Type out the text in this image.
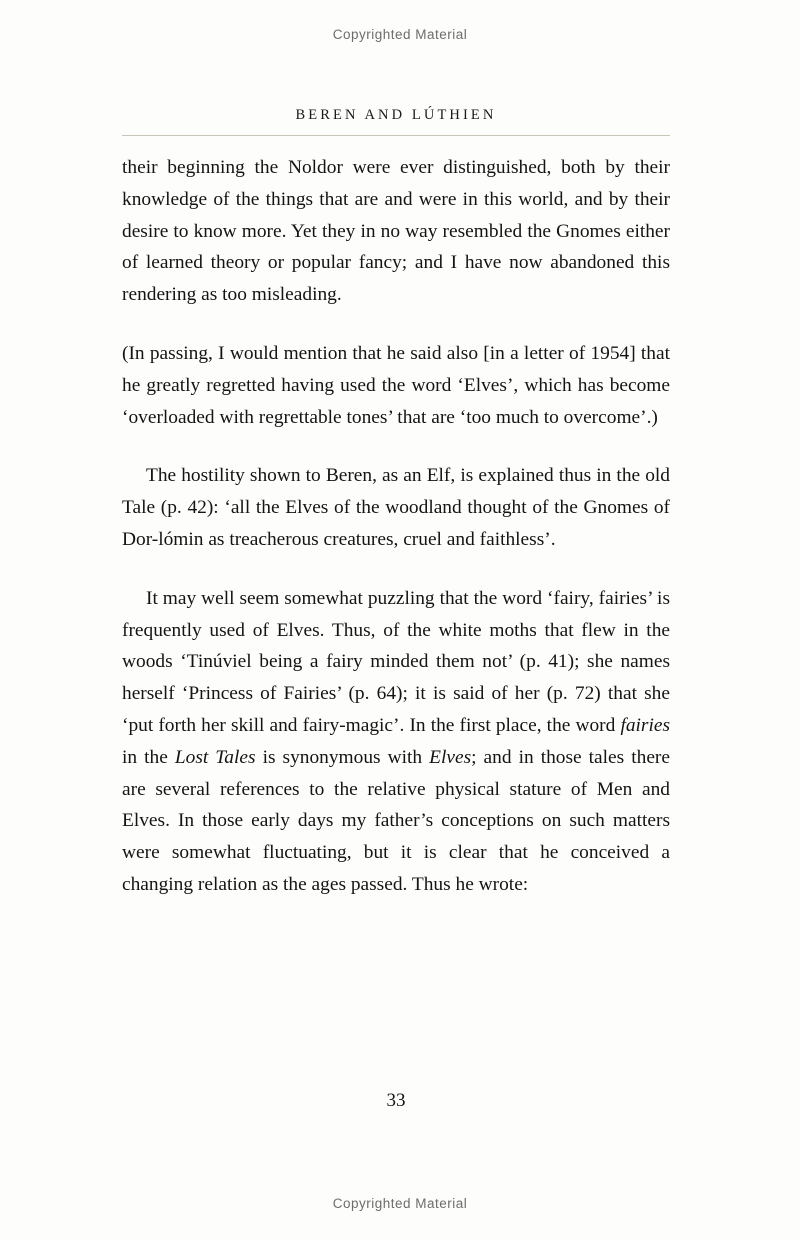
Copyrighted Material
BEREN AND LÚTHIEN

their beginning the Noldor were ever distinguished, both by their knowledge of the things that are and were in this world, and by their desire to know more. Yet they in no way resembled the Gnomes either of learned theory or popular fancy; and I have now abandoned this rendering as too misleading.

(In passing, I would mention that he said also [in a letter of 1954] that he greatly regretted having used the word ‘Elves’, which has become ‘overloaded with regrettable tones’ that are ‘too much to overcome’.)

The hostility shown to Beren, as an Elf, is explained thus in the old Tale (p. 42): ‘all the Elves of the woodland thought of the Gnomes of Dor-lómin as treacherous creatures, cruel and faithless’.

It may well seem somewhat puzzling that the word ‘fairy, fairies’ is frequently used of Elves. Thus, of the white moths that flew in the woods ‘Tinúviel being a fairy minded them not’ (p. 41); she names herself ‘Princess of Fairies’ (p. 64); it is said of her (p. 72) that she ‘put forth her skill and fairy-magic’. In the first place, the word fairies in the Lost Tales is synonymous with Elves; and in those tales there are several references to the relative physical stature of Men and Elves. In those early days my father’s conceptions on such matters were somewhat fluctuating, but it is clear that he conceived a changing relation as the ages passed. Thus he wrote:

33
Copyrighted Material
